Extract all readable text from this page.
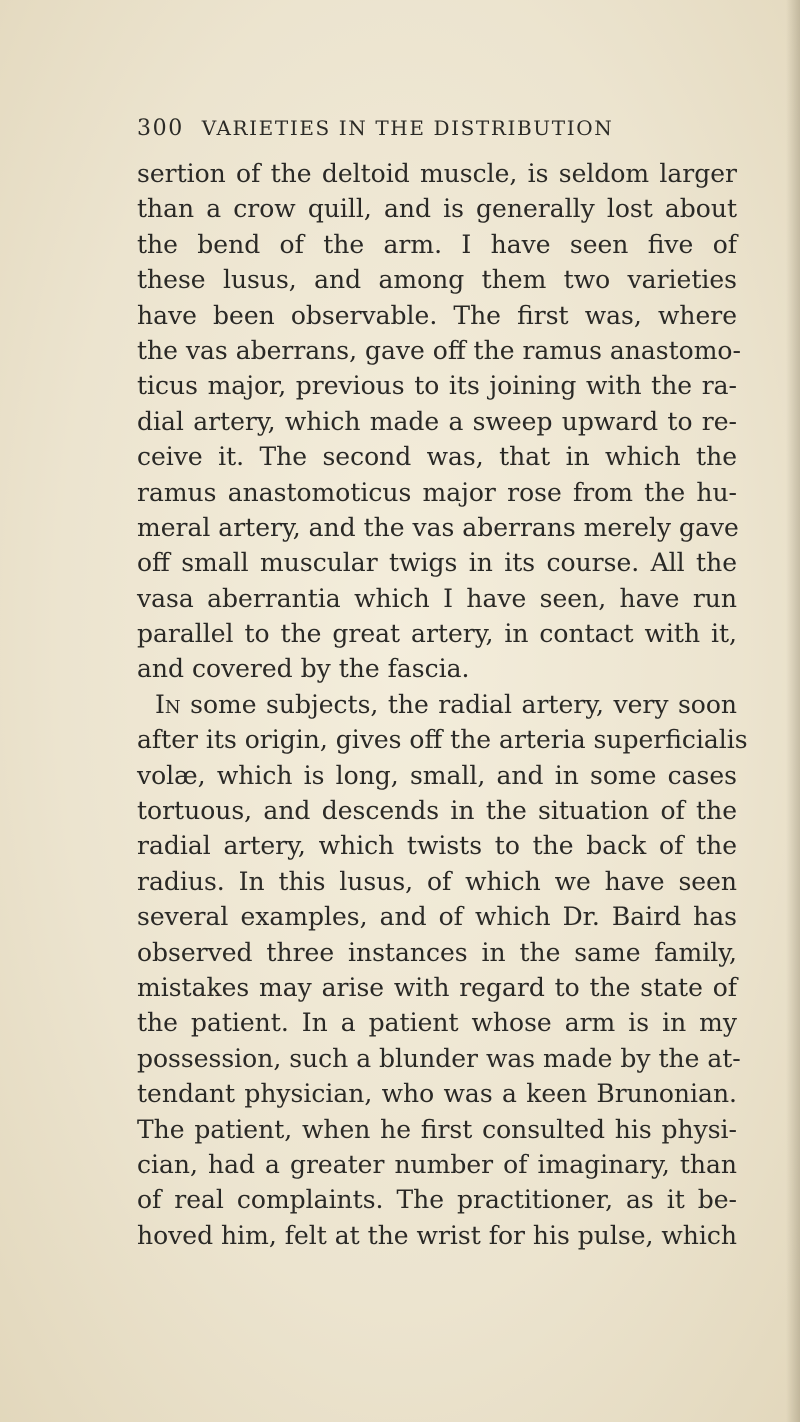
300 VARIETIES IN THE DISTRIBUTION
sertion of the deltoid muscle, is seldom larger
than a crow quill, and is generally lost about
the bend of the arm. I have seen five of
these lusus, and among them two varieties
have been observable. The first was, where
the vas aberrans, gave off the ramus anastomo-
ticus major, previous to its joining with the ra-
dial artery, which made a sweep upward to re-
ceive it. The second was, that in which the
ramus anastomoticus major rose from the hu-
meral artery, and the vas aberrans merely gave
off small muscular twigs in its course. All the
vasa aberrantia which I have seen, have run
parallel to the great artery, in contact with it,
and covered by the fascia.
In some subjects, the radial artery, very soon
after its origin, gives off the arteria superficialis
volæ, which is long, small, and in some cases
tortuous, and descends in the situation of the
radial artery, which twists to the back of the
radius. In this lusus, of which we have seen
several examples, and of which Dr. Baird has
observed three instances in the same family,
mistakes may arise with regard to the state of
the patient. In a patient whose arm is in my
possession, such a blunder was made by the at-
tendant physician, who was a keen Brunonian.
The patient, when he first consulted his physi-
cian, had a greater number of imaginary, than
of real complaints. The practitioner, as it be-
hoved him, felt at the wrist for his pulse, which
